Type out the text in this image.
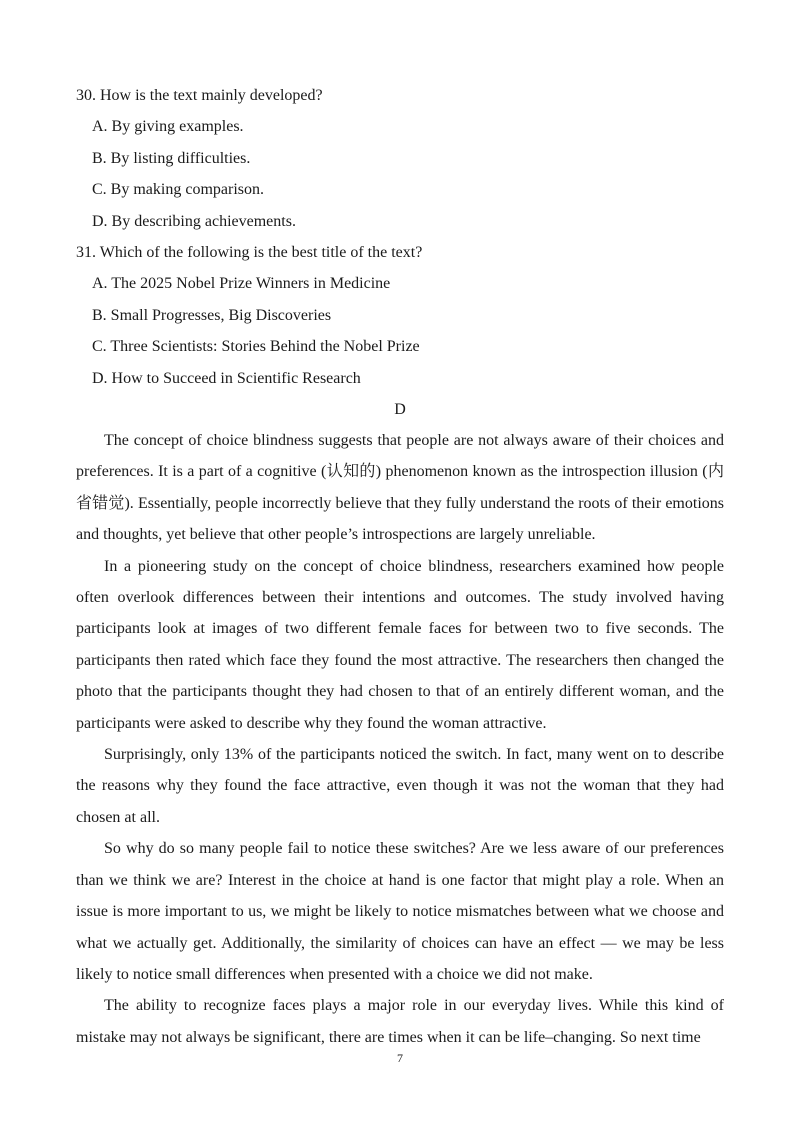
30. How is the text mainly developed?
A. By giving examples.
B. By listing difficulties.
C. By making comparison.
D. By describing achievements.
31. Which of the following is the best title of the text?
A. The 2025 Nobel Prize Winners in Medicine
B. Small Progresses, Big Discoveries
C. Three Scientists: Stories Behind the Nobel Prize
D. How to Succeed in Scientific Research
D

The concept of choice blindness suggests that people are not always aware of their choices and preferences. It is a part of a cognitive (认知的) phenomenon known as the introspection illusion (内省错觉). Essentially, people incorrectly believe that they fully understand the roots of their emotions and thoughts, yet believe that other people’s introspections are largely unreliable.

In a pioneering study on the concept of choice blindness, researchers examined how people often overlook differences between their intentions and outcomes. The study involved having participants look at images of two different female faces for between two to five seconds. The participants then rated which face they found the most attractive. The researchers then changed the photo that the participants thought they had chosen to that of an entirely different woman, and the participants were asked to describe why they found the woman attractive.

Surprisingly, only 13% of the participants noticed the switch. In fact, many went on to describe the reasons why they found the face attractive, even though it was not the woman that they had chosen at all.

So why do so many people fail to notice these switches? Are we less aware of our preferences than we think we are? Interest in the choice at hand is one factor that might play a role. When an issue is more important to us, we might be likely to notice mismatches between what we choose and what we actually get. Additionally, the similarity of choices can have an effect — we may be less likely to notice small differences when presented with a choice we did not make.

The ability to recognize faces plays a major role in our everyday lives. While this kind of mistake may not always be significant, there are times when it can be life–changing. So next time

7
